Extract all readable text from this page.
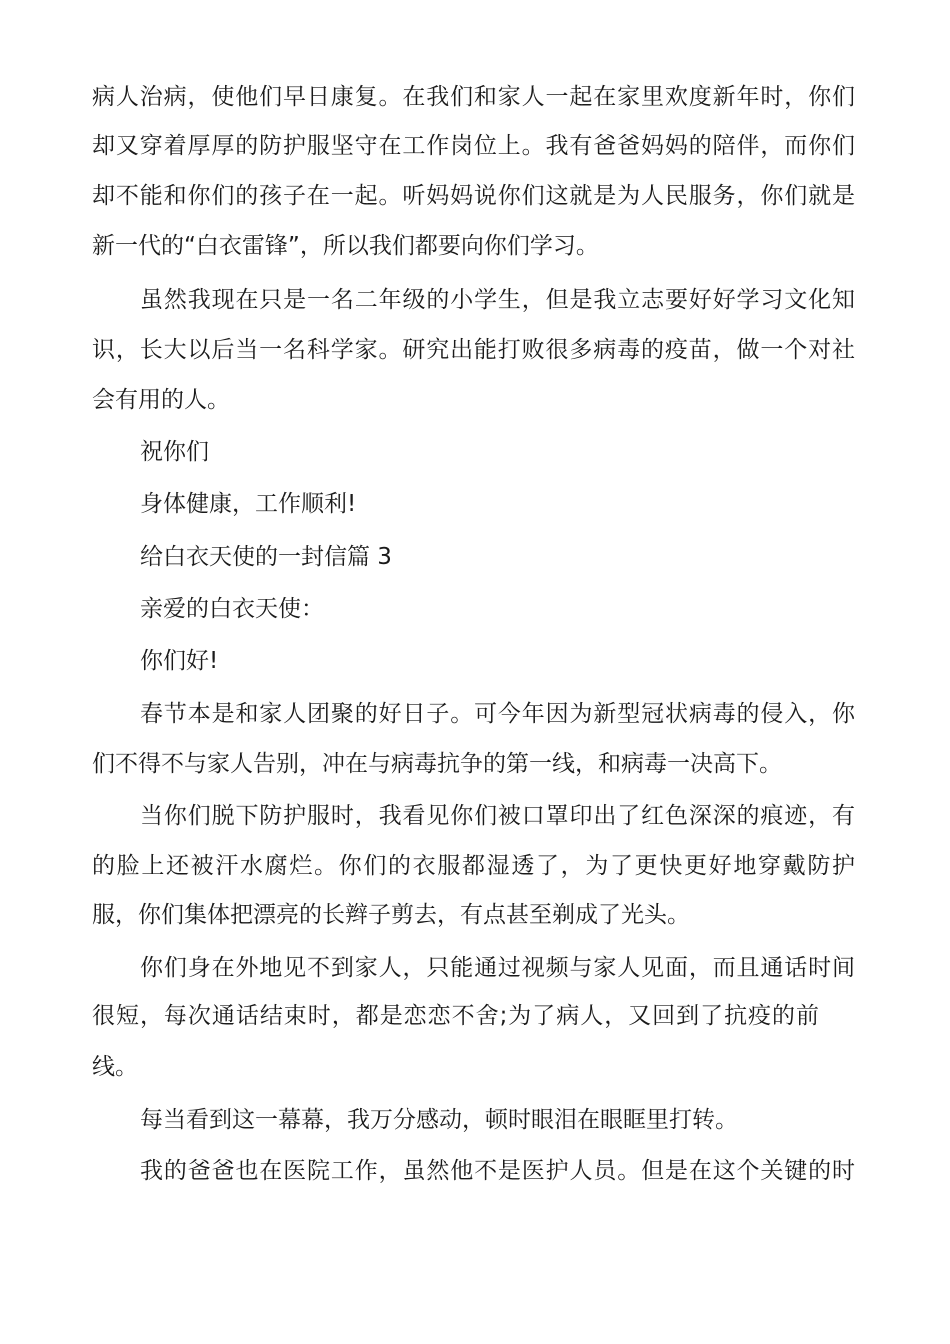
病人治病，使他们早日康复。在我们和家人一起在家里欢度新年时，你们

却又穿着厚厚的防护服坚守在工作岗位上。我有爸爸妈妈的陪伴，而你们

却不能和你们的孩子在一起。听妈妈说你们这就是为人民服务，你们就是

新一代的“白衣雷锋”，所以我们都要向你们学习。

虽然我现在只是一名二年级的小学生，但是我立志要好好学习文化知

识，长大以后当一名科学家。研究出能打败很多病毒的疫苗，做一个对社

会有用的人。

祝你们

身体健康，工作顺利!

给白衣天使的一封信篇 3

亲爱的白衣天使：

你们好!

春节本是和家人团聚的好日子。可今年因为新型冠状病毒的侵入，你

们不得不与家人告别，冲在与病毒抗争的第一线，和病毒一决高下。

当你们脱下防护服时，我看见你们被口罩印出了红色深深的痕迹，有

的脸上还被汗水腐烂。你们的衣服都湿透了，为了更快更好地穿戴防护

服，你们集体把漂亮的长辫子剪去，有点甚至剃成了光头。

你们身在外地见不到家人，只能通过视频与家人见面，而且通话时间

很短，每次通话结束时，都是恋恋不舍;为了病人，又回到了抗疫的前

线。

每当看到这一幕幕，我万分感动，顿时眼泪在眼眶里打转。

我的爸爸也在医院工作，虽然他不是医护人员。但是在这个关键的时
